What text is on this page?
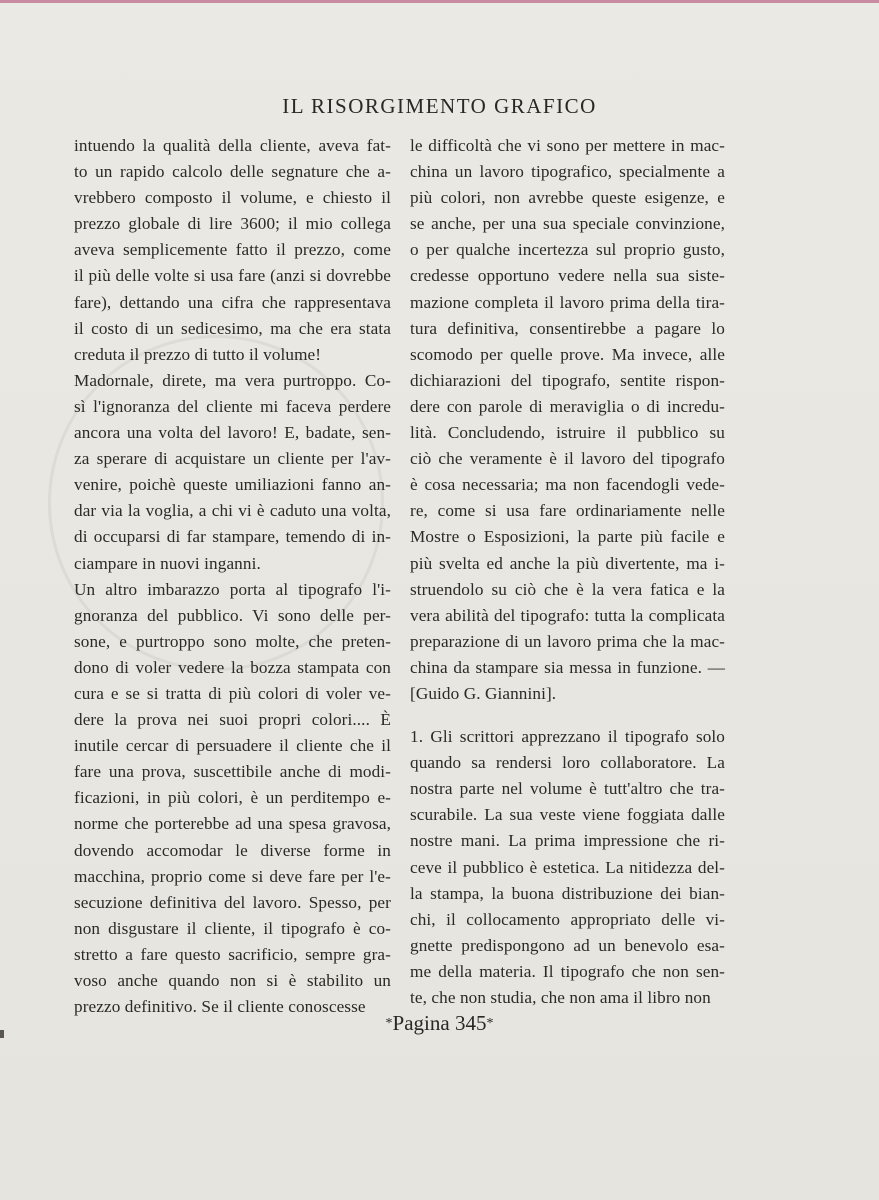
IL RISORGIMENTO GRAFICO
intuendo la qualità della cliente, aveva fat-
to un rapido calcolo delle segnature che a-
vrebbero composto il volume, e chiesto il
prezzo globale di lire 3600; il mio collega
aveva semplicemente fatto il prezzo, come
il più delle volte si usa fare (anzi si dovrebbe
fare), dettando una cifra che rappresentava
il costo di un sedicesimo, ma che era stata
creduta il prezzo di tutto il volume!
Madornale, direte, ma vera purtroppo. Co-
sì l'ignoranza del cliente mi faceva perdere
ancora una volta del lavoro! E, badate, sen-
za sperare di acquistare un cliente per l'av-
venire, poichè queste umiliazioni fanno an-
dar via la voglia, a chi vi è caduto una volta,
di occuparsi di far stampare, temendo di in-
ciampare in nuovi inganni.
Un altro imbarazzo porta al tipografo l'i-
gnoranza del pubblico. Vi sono delle per-
sone, e purtroppo sono molte, che preten-
dono di voler vedere la bozza stampata con
cura e se si tratta di più colori di voler ve-
dere la prova nei suoi propri colori.... È
inutile cercar di persuadere il cliente che il
fare una prova, suscettibile anche di modi-
ficazioni, in più colori, è un perditempo e-
norme che porterebbe ad una spesa gravosa,
dovendo accomodar le diverse forme in
macchina, proprio come si deve fare per l'e-
secuzione definitiva del lavoro. Spesso, per
non disgustare il cliente, il tipografo è co-
stretto a fare questo sacrificio, sempre gra-
voso anche quando non si è stabilito un
prezzo definitivo. Se il cliente conoscesse
le difficoltà che vi sono per mettere in mac-
china un lavoro tipografico, specialmente a
più colori, non avrebbe queste esigenze, e
se anche, per una sua speciale convinzione,
o per qualche incertezza sul proprio gusto,
credesse opportuno vedere nella sua siste-
mazione completa il lavoro prima della tira-
tura definitiva, consentirebbe a pagare lo
scomodo per quelle prove. Ma invece, alle
dichiarazioni del tipografo, sentite rispon-
dere con parole di meraviglia o di incredu-
lità. Concludendo, istruire il pubblico su
ciò che veramente è il lavoro del tipografo
è cosa necessaria; ma non facendogli vede-
re, come si usa fare ordinariamente nelle
Mostre o Esposizioni, la parte più facile e
più svelta ed anche la più divertente, ma i-
struendolo su ciò che è la vera fatica e la
vera abilità del tipografo: tutta la complicata
preparazione di un lavoro prima che la mac-
china da stampare sia messa in funzione. —
[Guido G. Giannini].
1. Gli scrittori apprezzano il tipografo solo
quando sa rendersi loro collaboratore. La
nostra parte nel volume è tutt'altro che tra-
scurabile. La sua veste viene foggiata dalle
nostre mani. La prima impressione che ri-
ceve il pubblico è estetica. La nitidezza del-
la stampa, la buona distribuzione dei bian-
chi, il collocamento appropriato delle vi-
gnette predispongono ad un benevolo esa-
me della materia. Il tipografo che non sen-
te, che non studia, che non ama il libro non
*Pagina 345*
